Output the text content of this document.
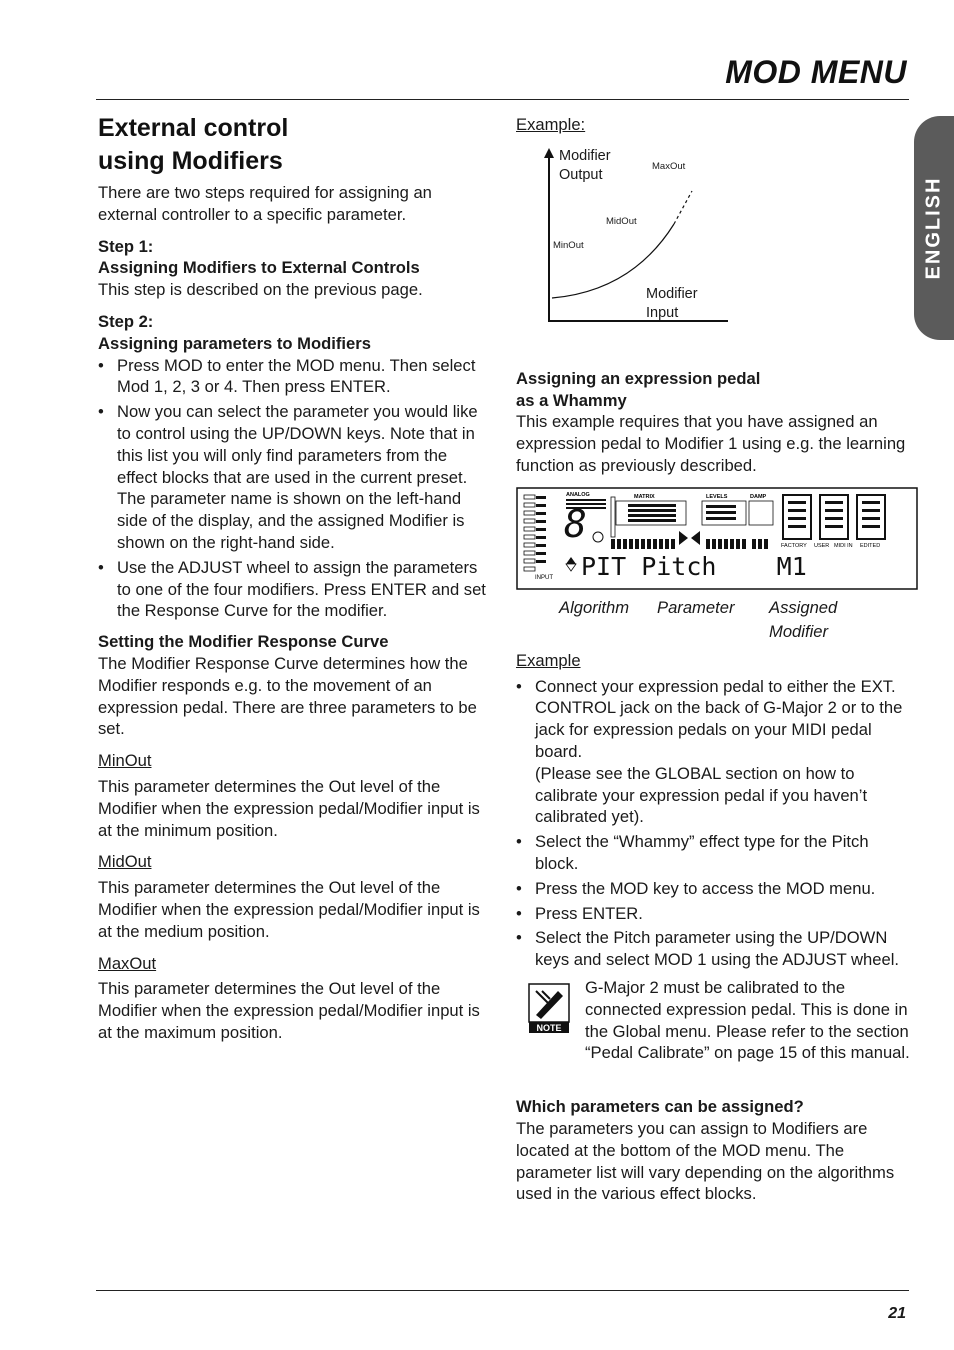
MOD MENU
ENGLISH
External control
using Modifiers

There are two steps required for assigning an external controller to a specific parameter.

Step 1:

Assigning Modifiers to External Controls

This step is described on the previous page.

Step 2:

Assigning parameters to Modifiers

• Press MOD to enter the MOD menu. Then select Mod 1, 2, 3 or 4. Then press ENTER.
• Now you can select the parameter you would like to control using the UP/DOWN keys. Note that in this list you will only find parameters from the effect blocks that are used in the current preset.
The parameter name is shown on the left-hand side of the display, and the assigned Modifier is shown on the right-hand side.
• Use the ADJUST wheel to assign the parameters to one of the four modifiers. Press ENTER and set the Response Curve for the modifier.

Setting the Modifier Response Curve

The Modifier Response Curve determines how the Modifier responds e.g. to the movement of an expression pedal. There are three parameters to be set.

MinOut

This parameter determines the Out level of the Modifier when the expression pedal/Modifier input is at the minimum position.

MidOut

This parameter determines the Out level of the Modifier when the expression pedal/Modifier input is at the medium position.

MaxOut

This parameter determines the Out level of the Modifier when the expression pedal/Modifier input is at the maximum position.

Example:

Modifier
Output
MaxOut
MidOut
MinOut
Modifier
Input

Assigning an expression pedal
as a Whammy

This example requires that you have assigned an expression pedal to Modifier 1 using e.g. the learning function as previously described.

INPUT
ANALOG
8
MATRIX	LEVELS	DAMP
FACTORY USER MIDI IN EDITED
PIT Pitch    M1
Algorithm Parameter Assigned
Modifier

Example

• Connect your expression pedal to either the EXT. CONTROL jack on the back of G-Major 2 or to the jack for expression pedals on your MIDI pedal board.
(Please see the GLOBAL section on how to calibrate your expression pedal if you haven’t calibrated yet).
• Select the “Whammy” effect type for the Pitch block.
• Press the MOD key to access the MOD menu.
• Press ENTER.
• Select the Pitch parameter using the UP/DOWN keys and select MOD 1 using the ADJUST wheel.
NOTE

G-Major 2 must be calibrated to the connected expression pedal. This is done in the Global menu. Please refer to the section “Pedal Calibrate” on page 15 of this manual.

Which parameters can be assigned?

The parameters you can assign to Modifiers are located at the bottom of the MOD menu. The parameter list will vary depending on the algorithms used in the various effect blocks.

21
